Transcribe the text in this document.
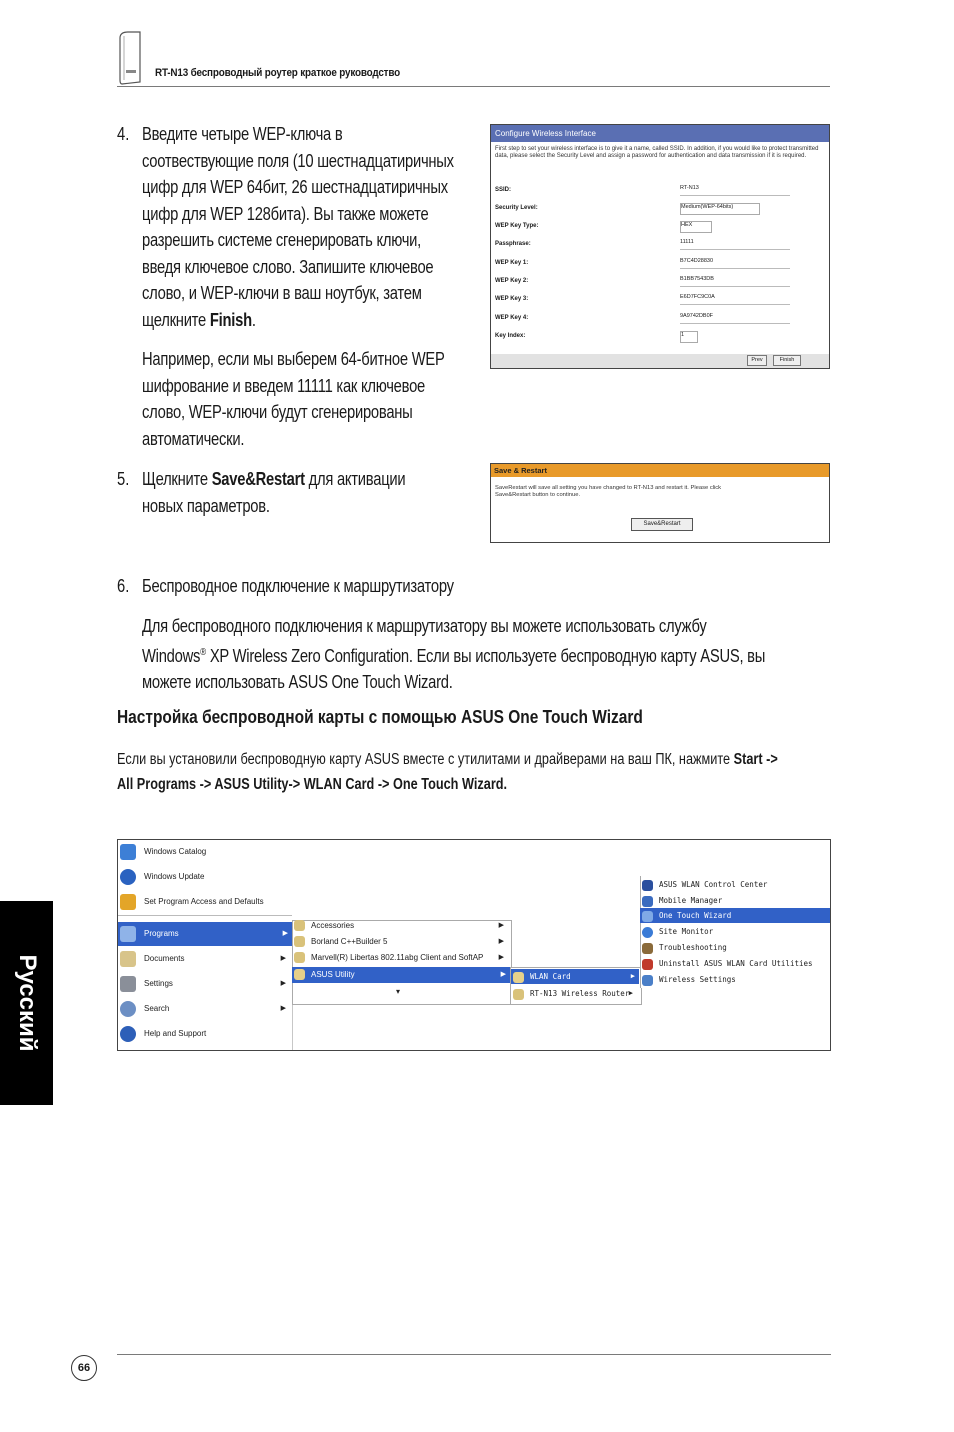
RT-N13 беспроводный роутер краткое руководство
4. Введите четыре WEP-ключа в
соотвествующие поля (10 шестнадцатиричных
цифр для WEP 64бит, 26 шестнадцатиричных
цифр для WEP 128бита). Вы также можете
разрешить системе сгенерировать ключи,
введя ключевое слово. Запишите ключевое
слово, и WEP-ключи в ваш ноутбук, затем
щелкните Finish.
Например, если мы выберем 64-битное WEP
шифрование и введем 11111 как ключевое
слово, WEP-ключи будут сгенерированы
автоматически.
Configure Wireless Interface
First step to set your wireless interface is to give it a name, called SSID. In addition, if you would like to protect transmitted data, please select the Security Level and assign a password for authentication and data transmission if it is required.
SSID:	RT-N13
Security Level:	Medium(WEP-64bits)
WEP Key Type:	HEX
Passphrase:	11111
WEP Key 1:	B7C4D28830
WEP Key 2:	B1BB7543DB
WEP Key 3:	E6D7FC9C0A
WEP Key 4:	9A9742DB0F
Key Index:	1
Prev	Finish
5. Щелкните Save&Restart для активации
новых параметров.
Save & Restart
SaveRestart will save all setting you have changed to RT-N13 and restart it. Please click
Save&Restart button to continue.
Save&Restart
6. Беспроводное подключение к маршрутизатору
Для беспроводного подключения к маршрутизатору вы можете использовать службу
Windows® XP Wireless Zero Configuration. Если вы используете беспроводную карту ASUS, вы
можете использовать ASUS One Touch Wizard.
Настройка беспроводной карты с помощью ASUS One Touch Wizard
Если вы установили беспроводную карту ASUS вместе с утилитами и драйверами на ваш ПК, нажмите Start ->
All Programs -> ASUS Utility-> WLAN Card -> One Touch Wizard.
Windows Catalog
Windows Update
Set Program Access and Defaults
Programs	▶
Documents	▶
Settings	▶
Search	▶
Help and Support
Accessories	▶
Borland C++Builder 5	▶
Marvell(R) Libertas 802.11abg Client and SoftAP ▶
ASUS Utility	▶
▾
WLAN Card	▶
RT-N13 Wireless Router ▶
ASUS WLAN Control Center
Mobile Manager
One Touch Wizard
Site Monitor
Troubleshooting
Uninstall ASUS WLAN Card Utilities
Wireless Settings
Русский
66
